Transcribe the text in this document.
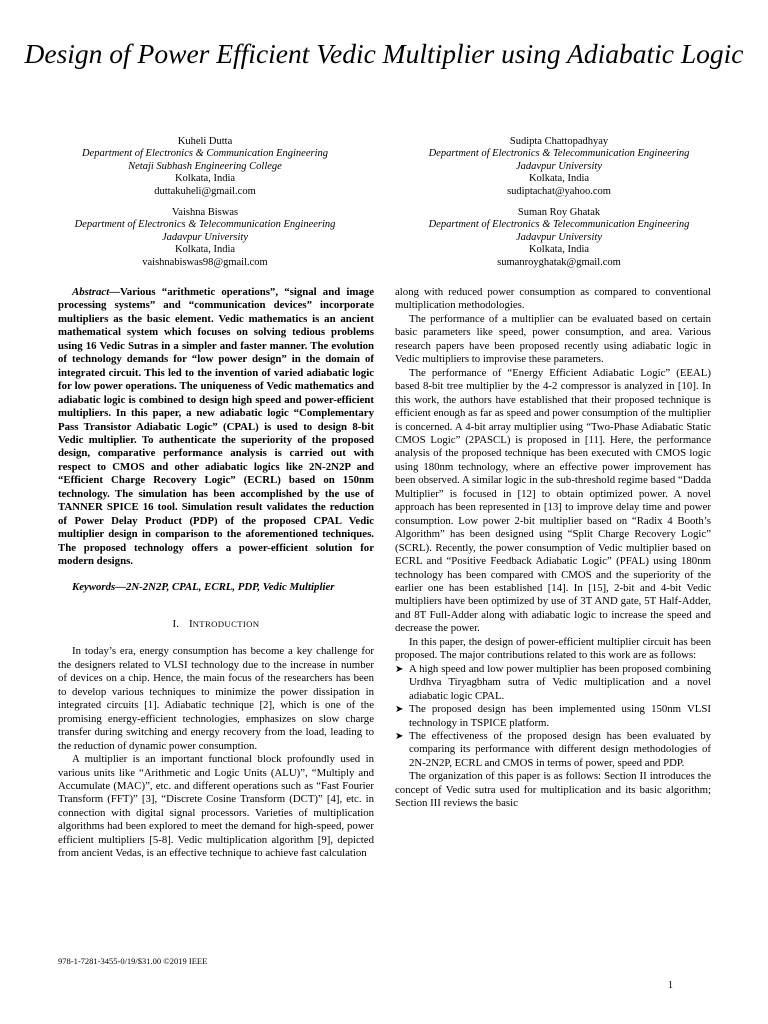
Design of Power Efficient Vedic Multiplier using Adiabatic Logic
Kuheli Dutta
Department of Electronics & Communication Engineering
Netaji Subhash Engineering College
Kolkata, India
duttakuheli@gmail.com
Sudipta Chattopadhyay
Department of Electronics & Telecommunication Engineering
Jadavpur University
Kolkata, India
sudiptachat@yahoo.com
Vaishna Biswas
Department of Electronics & Telecommunication Engineering
Jadavpur University
Kolkata, India
vaishnabiswas98@gmail.com
Suman Roy Ghatak
Department of Electronics & Telecommunication Engineering
Jadavpur University
Kolkata, India
sumanroyghatak@gmail.com

Abstract—Various “arithmetic operations”, “signal and image processing systems” and “communication devices” incorporate multipliers as the basic element. Vedic mathematics is an ancient mathematical system which focuses on solving tedious problems using 16 Vedic Sutras in a simpler and faster manner. The evolution of technology demands for “low power design” in the domain of integrated circuit. This led to the invention of varied adiabatic logic for low power operations. The uniqueness of Vedic mathematics and adiabatic logic is combined to design high speed and power-efficient multipliers. In this paper, a new adiabatic logic “Complementary Pass Transistor Adiabatic Logic” (CPAL) is used to design 8-bit Vedic multiplier. To authenticate the superiority of the proposed design, comparative performance analysis is carried out with respect to CMOS and other adiabatic logics like 2N-2N2P and “Efficient Charge Recovery Logic” (ECRL) based on 150nm technology. The simulation has been accomplished by the use of TANNER SPICE 16 tool. Simulation result validates the reduction of Power Delay Product (PDP) of the proposed CPAL Vedic multiplier design in comparison to the aforementioned techniques. The proposed technology offers a power-efficient solution for modern designs.

Keywords—2N-2N2P, CPAL, ECRL, PDP, Vedic Multiplier

I. INTRODUCTION

In today’s era, energy consumption has become a key challenge for the designers related to VLSI technology due to the increase in number of devices on a chip. Hence, the main focus of the researchers has been to develop various techniques to minimize the power dissipation in integrated circuits [1]. Adiabatic technique [2], which is one of the promising energy-efficient technologies, emphasizes on slow charge transfer during switching and energy recovery from the load, leading to the reduction of dynamic power consumption.

A multiplier is an important functional block profoundly used in various units like “Arithmetic and Logic Units (ALU)”, “Multiply and Accumulate (MAC)”, etc. and different operations such as “Fast Fourier Transform (FFT)” [3], “Discrete Cosine Transform (DCT)” [4], etc. in connection with digital signal processors. Varieties of multiplication algorithms had been explored to meet the demand for high-speed, power efficient multipliers [5-8]. Vedic multiplication algorithm [9], depicted from ancient Vedas, is an effective technique to achieve fast calculation

along with reduced power consumption as compared to conventional multiplication methodologies.

The performance of a multiplier can be evaluated based on certain basic parameters like speed, power consumption, and area. Various research papers have been proposed recently using adiabatic logic in Vedic multipliers to improvise these parameters.

The performance of “Energy Efficient Adiabatic Logic” (EEAL) based 8-bit tree multiplier by the 4-2 compressor is analyzed in [10]. In this work, the authors have established that their proposed technique is efficient enough as far as speed and power consumption of the multiplier is concerned. A 4-bit array multiplier using “Two-Phase Adiabatic Static CMOS Logic” (2PASCL) is proposed in [11]. Here, the performance analysis of the proposed technique has been executed with CMOS logic using 180nm technology, where an effective power improvement has been observed. A similar logic in the sub-threshold regime based “Dadda Multiplier” is focused in [12] to obtain optimized power. A novel approach has been represented in [13] to improve delay time and power consumption. Low power 2-bit multiplier based on “Radix 4 Booth’s Algorithm” has been designed using “Split Charge Recovery Logic” (SCRL). Recently, the power consumption of Vedic multiplier based on ECRL and “Positive Feedback Adiabatic Logic” (PFAL) using 180nm technology has been compared with CMOS and the superiority of the earlier one has been established [14]. In [15], 2-bit and 4-bit Vedic multipliers have been optimized by use of 3T AND gate, 5T Half-Adder, and 8T Full-Adder along with adiabatic logic to increase the speed and decrease the power.

In this paper, the design of power-efficient multiplier circuit has been proposed. The major contributions related to this work are as follows:

➤ A high speed and low power multiplier has been proposed combining Urdhva Tiryagbham sutra of Vedic multiplication and a novel adiabatic logic CPAL.
➤ The proposed design has been implemented using 150nm VLSI technology in TSPICE platform.
➤ The effectiveness of the proposed design has been evaluated by comparing its performance with different design methodologies of 2N-2N2P, ECRL and CMOS in terms of power, speed and PDP.

The organization of this paper is as follows: Section II introduces the concept of Vedic sutra used for multiplication and its basic algorithm; Section III reviews the basic

978-1-7281-3455-0/19/$31.00 ©2019 IEEE
1
